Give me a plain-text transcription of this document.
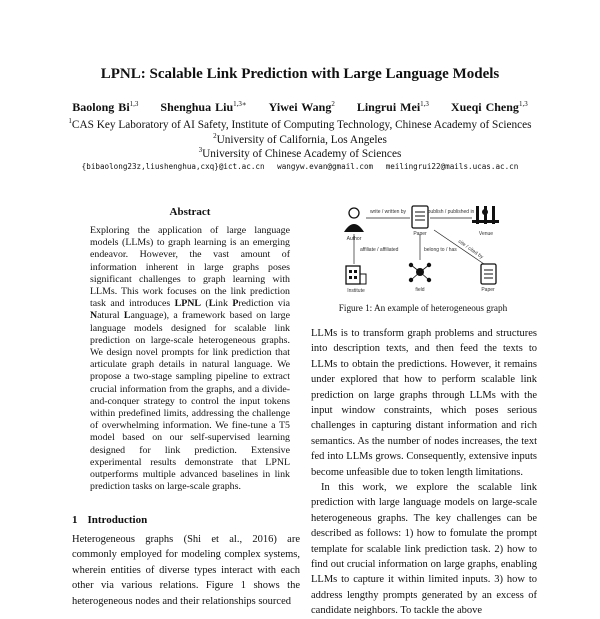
LPNL: Scalable Link Prediction with Large Language Models
Baolong Bi$^{1,3}$ Shenghua Liu$^{1,3∗}$ Yiwei Wang$^2$ Lingrui Mei$^{1,3}$ Xueqi Cheng$^{1,3}$
$^1$CAS Key Laboratory of AI Safety, Institute of Computing Technology, Chinese Academy of Sciences
$^2$University of California, Los Angeles
$^3$University of Chinese Academy of Sciences
{bibaolong23z,liushenghua,cxq}@ict.ac.cn wangyw.evan@gmail.com meilingrui22@mails.ucas.ac.cn
Abstract
Exploring the application of large language models (LLMs) to graph learning is an emerging endeavor. However, the vast amount of information inherent in large graphs poses significant challenges to graph learning with LLMs. This work focuses on the link prediction task and introduces LPNL (Link Prediction via Natural Language), a framework based on large language models designed for scalable link prediction on large-scale heterogeneous graphs. We design novel prompts for link prediction that articulate graph details in natural language. We propose a two-stage sampling pipeline to extract crucial information from the graphs, and a divide-and-conquer strategy to control the input tokens within predefined limits, addressing the challenge of overwhelming information. We fine-tune a T5 model based on our self-supervised learning designed for link prediction. Extensive experimental results demonstrate that LPNL outperforms multiple advanced baselines in link prediction tasks on large-scale graphs.
1 Introduction
Heterogeneous graphs (Shi et al., 2016) are commonly employed for modeling complex systems, wherein entities of diverse types interact with each other via various relations. Figure 1 shows the heterogeneous nodes and their relationships sourced
write / written by	publish / published in
affiliate / affiliated	belong to / has cite / cited by
Author
Paper	Venue
Institute	field	Paper
Figure 1: An example of heterogeneous graph
LLMs is to transform graph problems and structures into description texts, and then feed the texts to LLMs to obtain the predictions. However, it remains under explored that how to perform scalable link prediction on large graphs through LLMs with the input window constraints, which poses serious challenges in capturing distant information and rich semantics. As the number of nodes increases, the text fed into LLMs grows. Consequently, extensive inputs become unfeasible due to token length limitations.
In this work, we explore the scalable link prediction with large language models on large-scale heterogeneous graphs. The key challenges can be described as follows: 1) how to fomulate the prompt template for scalable link prediction task. 2) how to find out crucial information on large graphs, enabling LLMs to capture it within limited inputs. 3) how to address lengthy prompts generated by an excess of candidate neighbors. To tackle the above
